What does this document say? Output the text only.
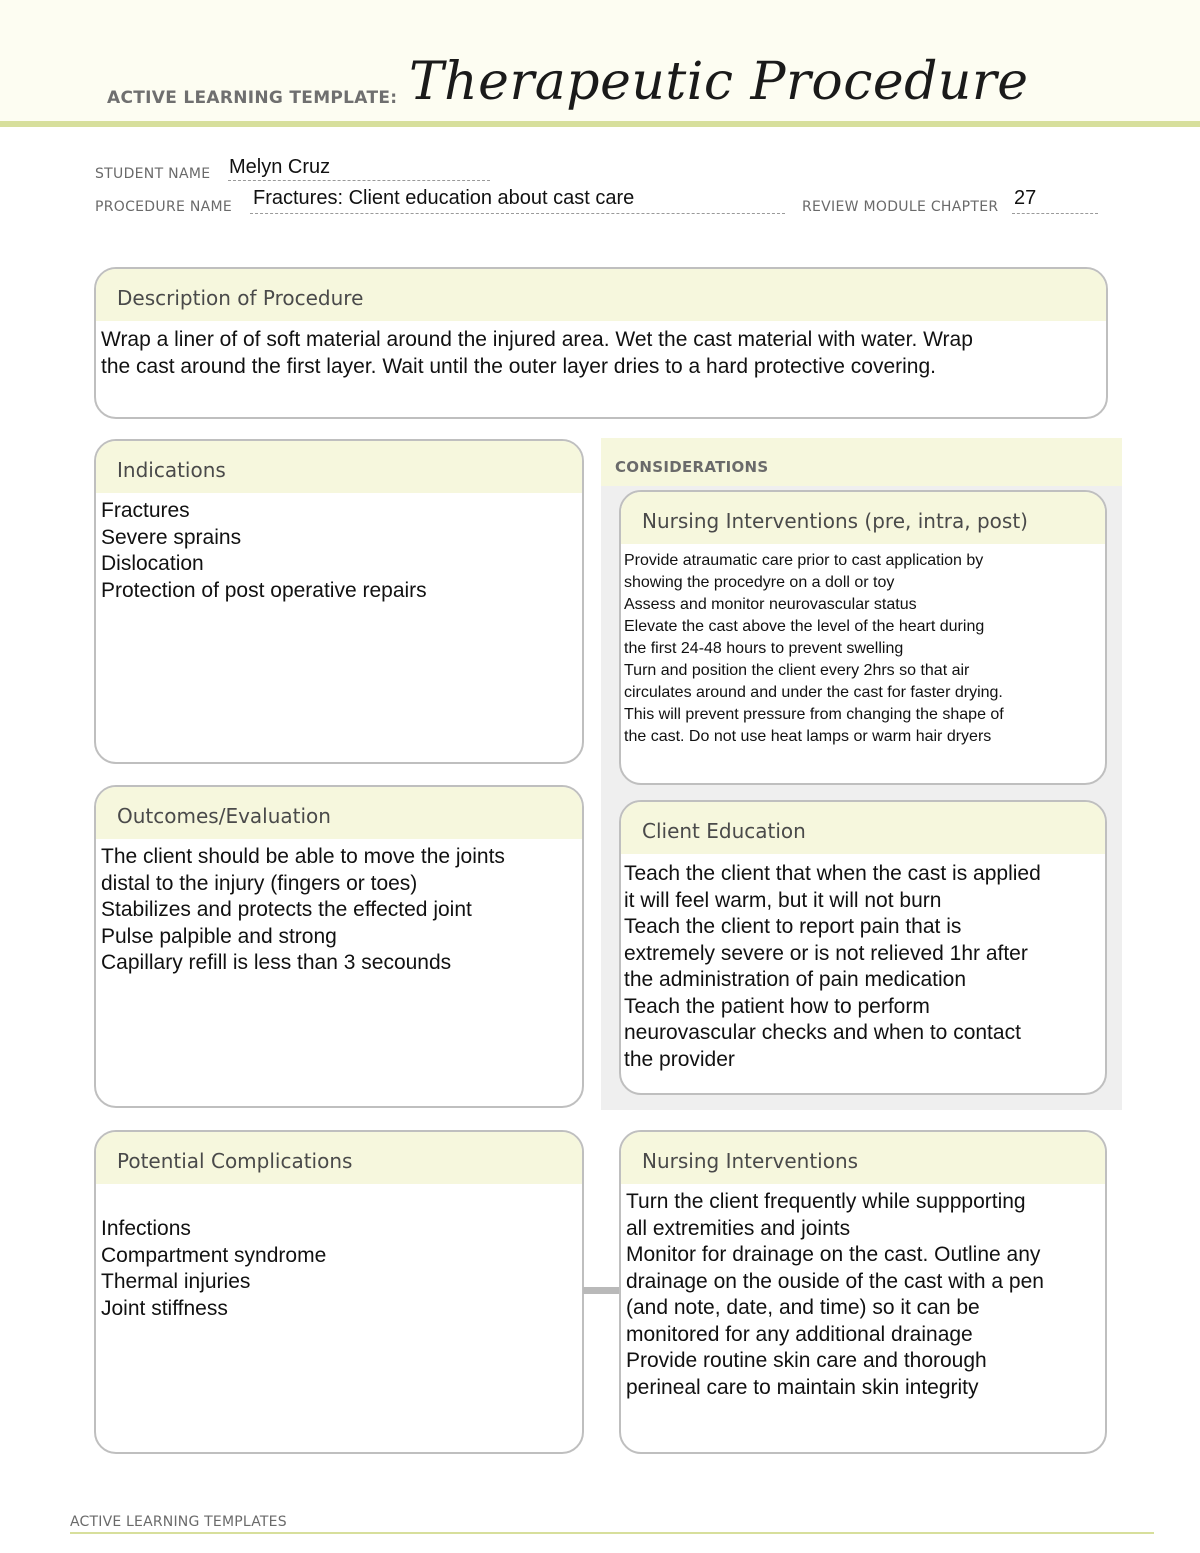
ACTIVE LEARNING TEMPLATE: Therapeutic Procedure
STUDENT NAME Melyn Cruz
PROCEDURE NAME Fractures: Client education about cast care	REVIEW MODULE CHAPTER 27
Description of Procedure
Wrap a liner of of soft material around the injured area. Wet the cast material with water. Wrap
the cast around the first layer. Wait until the outer layer dries to a hard protective covering.
Indications
Fractures
Severe sprains
Dislocation
Protection of post operative repairs
CONSIDERATIONS
Nursing Interventions (pre, intra, post)
Provide atraumatic care prior to cast application by
showing the procedyre on a doll or toy
Assess and monitor neurovascular status
Elevate the cast above the level of the heart during
the first 24-48 hours to prevent swelling
Turn and position the client every 2hrs so that air
circulates around and under the cast for faster drying.
This will prevent pressure from changing the shape of
the cast. Do not use heat lamps or warm hair dryers
Outcomes/Evaluation
The client should be able to move the joints
distal to the injury (fingers or toes)
Stabilizes and protects the effected joint
Pulse palpible and strong
Capillary refill is less than 3 secounds
Client Education
Teach the client that when the cast is applied
it will feel warm, but it will not burn
Teach the client to report pain that is
extremely severe or is not relieved 1hr after
the administration of pain medication
Teach the patient how to perform
neurovascular checks and when to contact
the provider
Potential Complications
Infections
Compartment syndrome
Thermal injuries
Joint stiffness
Nursing Interventions
Turn the client frequently while suppporting
all extremities and joints
Monitor for drainage on the cast. Outline any
drainage on the ouside of the cast with a pen
(and note, date, and time) so it can be
monitored for any additional drainage
Provide routine skin care and thorough
perineal care to maintain skin integrity
ACTIVE LEARNING TEMPLATES
